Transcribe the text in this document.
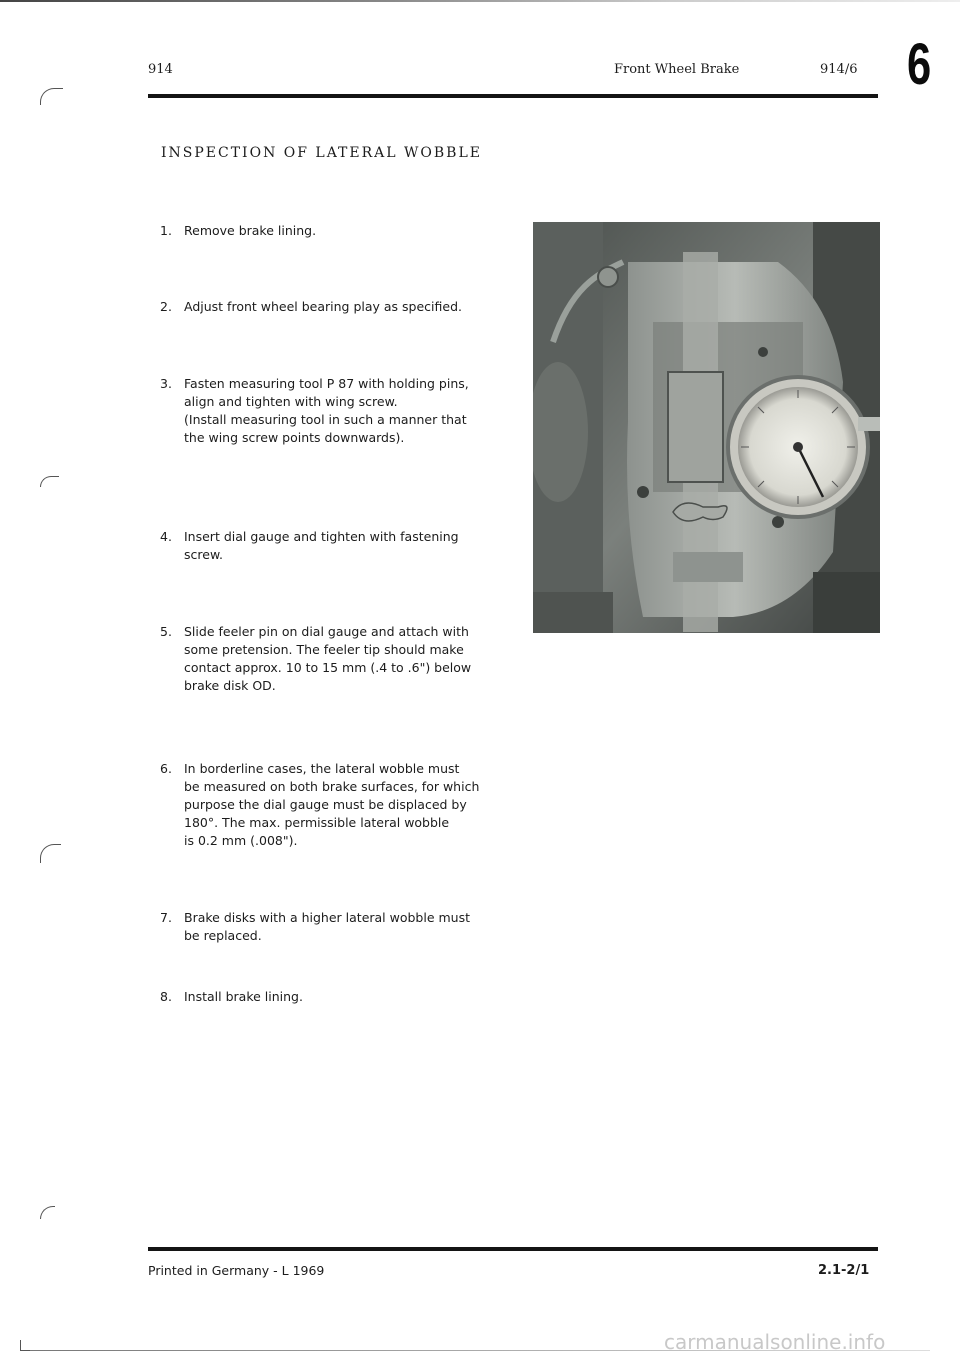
914	Front Wheel Brake	914/6 6
INSPECTION OF LATERAL WOBBLE
1. Remove brake lining.
2. Adjust front wheel bearing play as specified.
3. Fasten measuring tool P 87 with holding pins,
align and tighten with wing screw.
(Install measuring tool in such a manner that
the wing screw points downwards).
4. Insert dial gauge and tighten with fastening
screw.
5. Slide feeler pin on dial gauge and attach with
some pretension. The feeler tip should make
contact approx. 10 to 15 mm (.4 to .6") below
brake disk OD.
6. In borderline cases, the lateral wobble must
be measured on both brake surfaces, for which
purpose the dial gauge must be displaced by
180°. The max. permissible lateral wobble
is 0.2 mm (.008").
7. Brake disks with a higher lateral wobble must
be replaced.
8. Install brake lining.
Printed in Germany - L 1969	2.1-2/1
carmanualsonline.info
